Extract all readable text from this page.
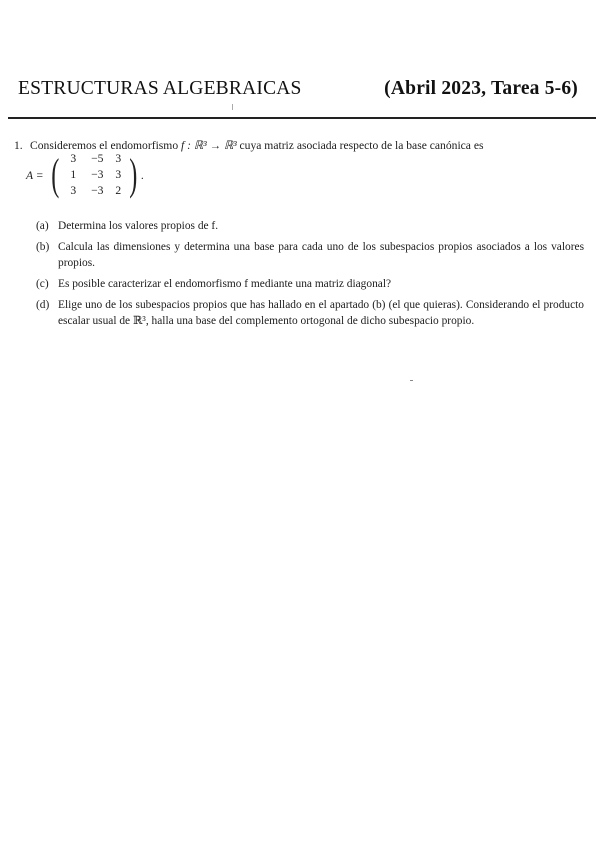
ESTRUCTURAS ALGEBRAICAS	(Abril 2023, Tarea 5-6)
1. Consideremos el endomorfismo f : ℝ³ → ℝ³ cuya matriz asociada respecto de la base canónica es
A = ( 3	−5	3
1	−3	3
3	−3	2 ) .
(a) Determina los valores propios de f.
(b) Calcula las dimensiones y determina una base para cada uno de los subespacios propios asociados a los valores propios.
(c) Es posible caracterizar el endomorfismo f mediante una matriz diagonal?
(d) Elige uno de los subespacios propios que has hallado en el apartado (b) (el que quieras). Considerando el producto escalar usual de ℝ³, halla una base del complemento ortogonal de dicho subespacio propio.
